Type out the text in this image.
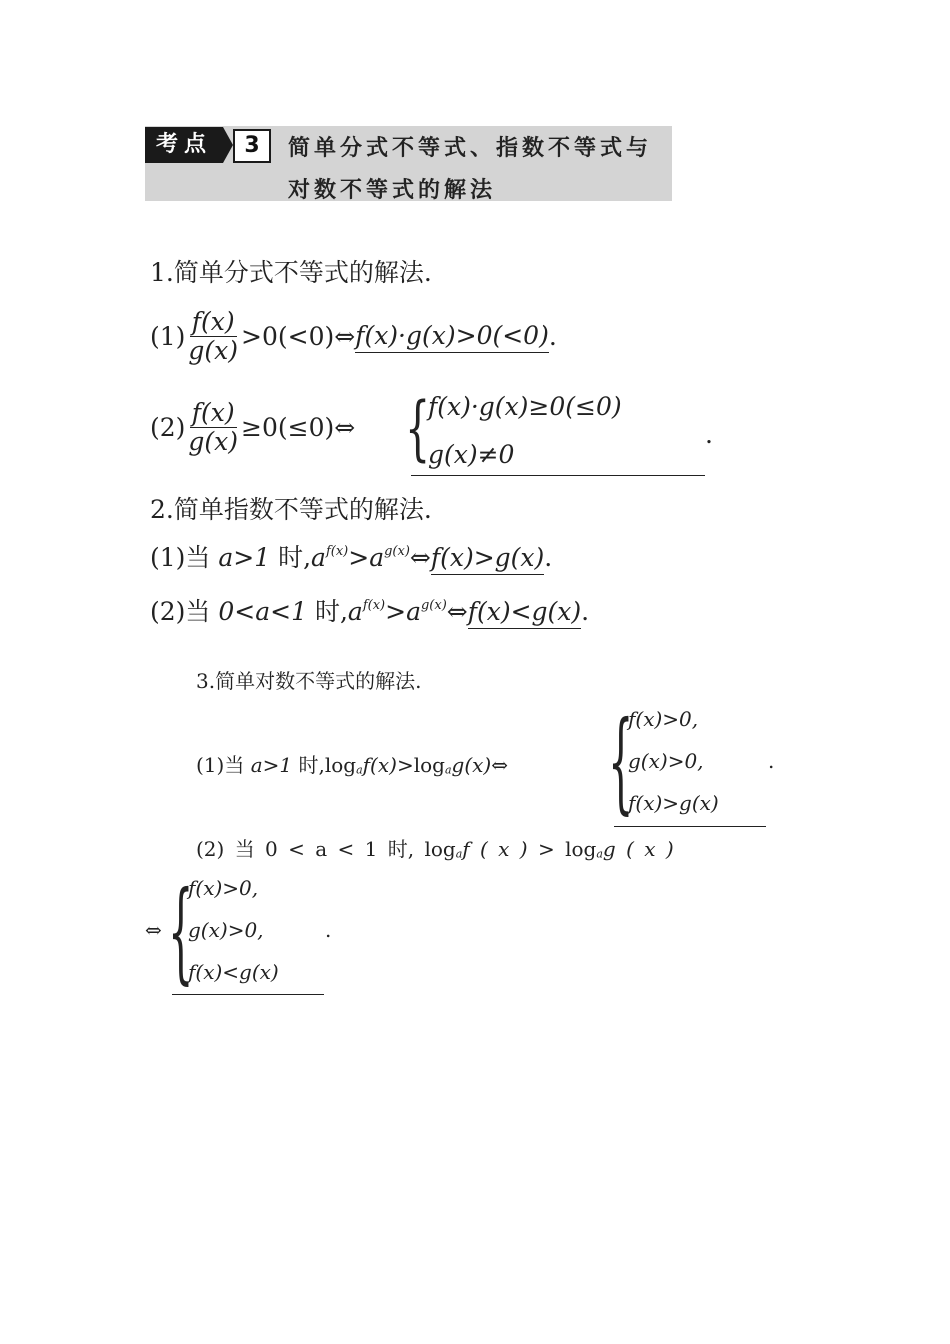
考点	3	简单分式不等式、指数不等式与
对数不等式的解法
1.简单分式不等式的解法.
$(1) \frac{f(x)}{g(x)}$ >0(<0)⇔ f(x)·g(x)>0(<0) .
$(2) \frac{f(x)}{g(x)}$ ≥0(≤0)⇔ {
f(x)·g(x)≥0(≤0)
g(x)≠0
.
2.简单指数不等式的解法.
(1)当 a>1 时$,a^{f(x)}>a^{g(x)}\Leftrightarrow f(x)>g(x)$.
(2)当 0<a<1 时$,a^{f(x)}>a^{g(x)}\Leftrightarrow f(x)<g(x)$.
3.简单对数不等式的解法.
(1)当 a>1 时$,\log_af(x)>\log_ag(x)\Leftrightarrow$ {
f(x)>0,
g(x)>0,
f(x)>g(x)
.
(2) 当 0 < a < 1 时, $\log_af$ ( x ) > $\log_ag$ ( x )
⇔ {
f(x)>0,
g(x)>0,
f(x)<g(x)
.
